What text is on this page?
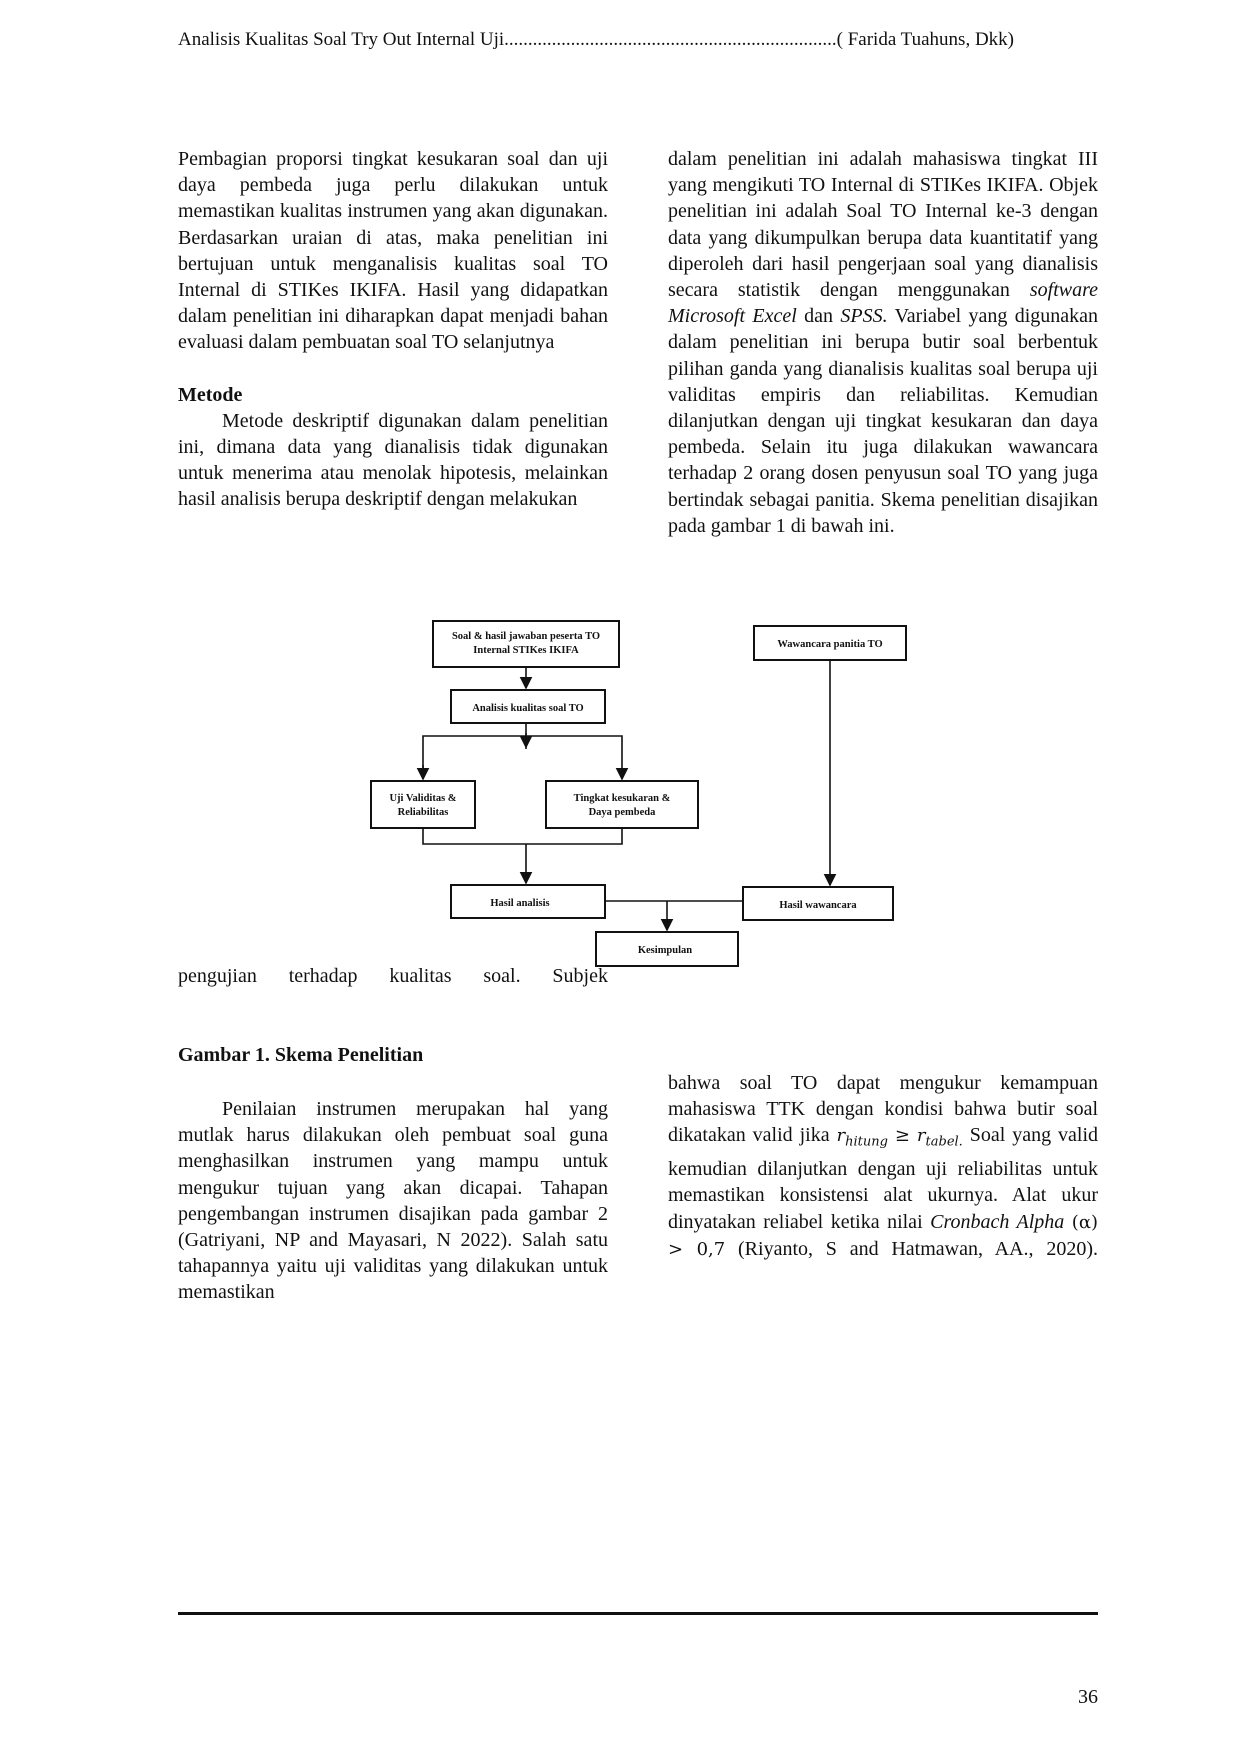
Analisis Kualitas Soal Try Out Internal Uji......................................................................( Farida Tuahuns, Dkk)

Pembagian proporsi tingkat kesukaran soal dan uji daya pembeda juga perlu dilakukan untuk memastikan kualitas instrumen yang akan digunakan. Berdasarkan uraian di atas, maka penelitian ini bertujuan untuk menganalisis kualitas soal TO Internal di STIKes IKIFA. Hasil yang didapatkan dalam penelitian ini diharapkan dapat menjadi bahan evaluasi dalam pembuatan soal TO selanjutnya

Metode

Metode deskriptif digunakan dalam penelitian ini, dimana data yang dianalisis tidak digunakan untuk menerima atau menolak hipotesis, melainkan hasil analisis berupa deskriptif dengan melakukan

dalam penelitian ini adalah mahasiswa tingkat III yang mengikuti TO Internal di STIKes IKIFA. Objek penelitian ini adalah Soal TO Internal ke-3 dengan data yang dikumpulkan berupa data kuantitatif yang diperoleh dari hasil pengerjaan soal yang dianalisis secara statistik dengan menggunakan software Microsoft Excel dan SPSS. Variabel yang digunakan dalam penelitian ini berupa butir soal berbentuk pilihan ganda yang dianalisis kualitas soal berupa uji validitas empiris dan reliabilitas. Kemudian dilanjutkan dengan uji tingkat kesukaran dan daya pembeda. Selain itu juga dilakukan wawancara terhadap 2 orang dosen penyusun soal TO yang juga bertindak sebagai panitia. Skema penelitian disajikan pada gambar 1 di bawah ini.

Soal & hasil jawaban peserta TO
Internal STIKes IKIFA
Wawancara panitia TO
Analisis kualitas soal TO
Uji Validitas &
Reliabilitas
Tingkat kesukaran &
Daya pembeda
Hasil analisis	Hasil wawancara
Kesimpulan

pengujian terhadap kualitas soal. Subjek

Gambar 1. Skema Penelitian

Penilaian instrumen merupakan hal yang mutlak harus dilakukan oleh pembuat soal guna menghasilkan instrumen yang mampu untuk mengukur tujuan yang akan dicapai. Tahapan pengembangan instrumen disajikan pada gambar 2 (Gatriyani, NP and Mayasari, N 2022). Salah satu tahapannya yaitu uji validitas yang dilakukan untuk memastikan

bahwa soal TO dapat mengukur kemampuan mahasiswa TTK dengan kondisi bahwa butir soal dikatakan valid jika $r_{hitung} \ge r_{tabel.}$ Soal yang valid kemudian dilanjutkan dengan uji reliabilitas untuk memastikan konsistensi alat ukurnya. Alat ukur dinyatakan reliabel ketika nilai Cronbach Alpha (α) > 0,7 (Riyanto, S and Hatmawan, AA., 2020).

36
